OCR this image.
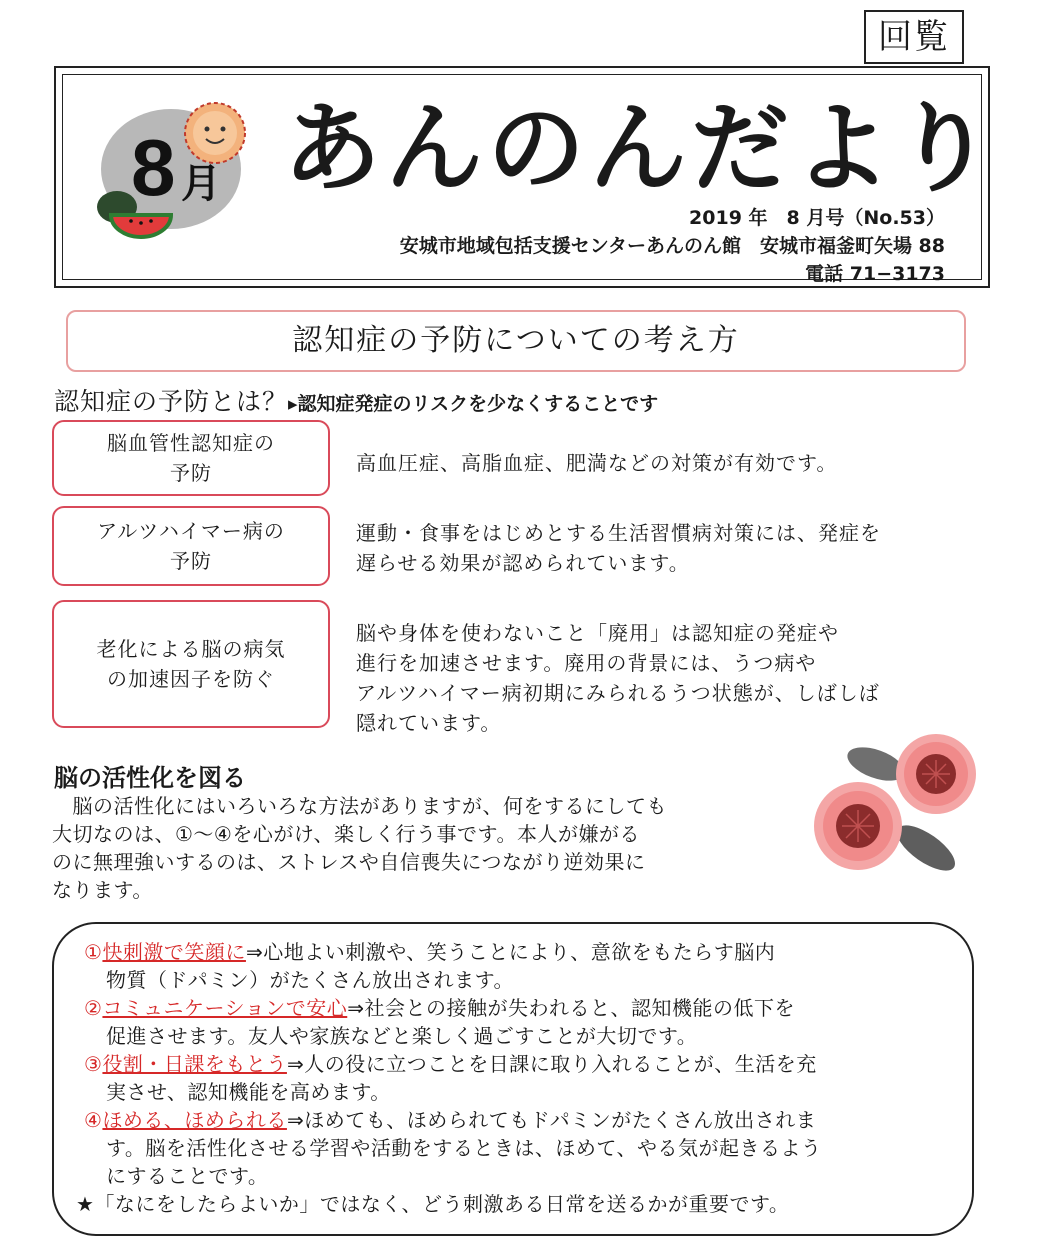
回覧
8 月 あんのんだより
2019 年　8 月号（No.53）
安城市地域包括支援センターあんのん館　安城市福釜町矢場 88
電話 71−3173
認知症の予防についての考え方
認知症の予防とは？▸認知症発症のリスクを少なくすることです
脳血管性認知症の
予防	高血圧症、高脂血症、肥満などの対策が有効です。
アルツハイマー病の
予防
運動・食事をはじめとする生活習慣病対策には、発症を
遅らせる効果が認められています。
老化による脳の病気
の加速因子を防ぐ
脳や身体を使わないこと「廃用」は認知症の発症や
進行を加速させます。廃用の背景には、うつ病や
アルツハイマー病初期にみられるうつ状態が、しばしば
隠れています。
脳の活性化を図る
　脳の活性化にはいろいろな方法がありますが、何をするにしても
大切なのは、①〜④を心がけ、楽しく行う事です。本人が嫌がる
のに無理強いするのは、ストレスや自信喪失につながり逆効果に
なります。
①快刺激で笑顔に⇒心地よい刺激や、笑うことにより、意欲をもたらす脳内
物質（ドパミン）がたくさん放出されます。
②コミュニケーションで安心⇒社会との接触が失われると、認知機能の低下を
促進させます。友人や家族などと楽しく過ごすことが大切です。
③役割・日課をもとう⇒人の役に立つことを日課に取り入れることが、生活を充
実させ、認知機能を高めます。
④ほめる、ほめられる⇒ほめても、ほめられてもドパミンがたくさん放出されま
す。脳を活性化させる学習や活動をするときは、ほめて、やる気が起きるよう
にすることです。
★「なにをしたらよいか」ではなく、どう刺激ある日常を送るかが重要です。
